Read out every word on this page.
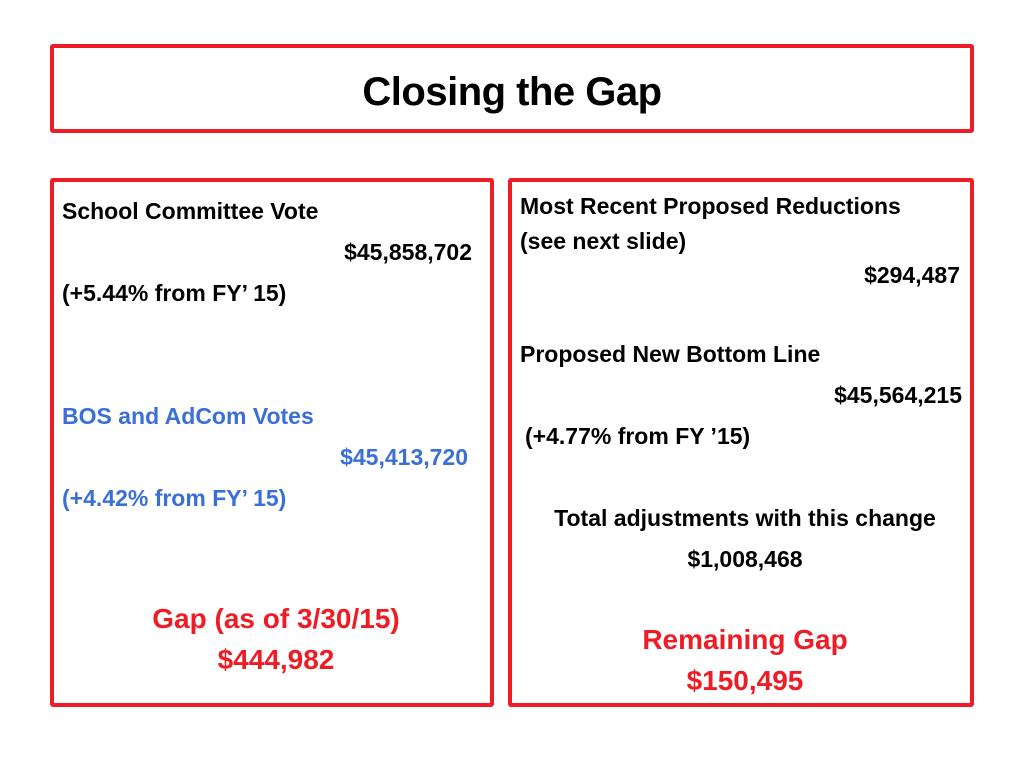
Closing the Gap
School Committee Vote
$45,858,702
(+5.44% from FY’ 15)
BOS and AdCom Votes
$45,413,720
(+4.42% from FY’ 15)
Gap (as of 3/30/15)
$444,982
Most Recent Proposed Reductions
(see next slide)
$294,487
Proposed New Bottom Line
$45,564,215
(+4.77% from FY ’15)
Total adjustments with this change
$1,008,468
Remaining Gap
$150,495
